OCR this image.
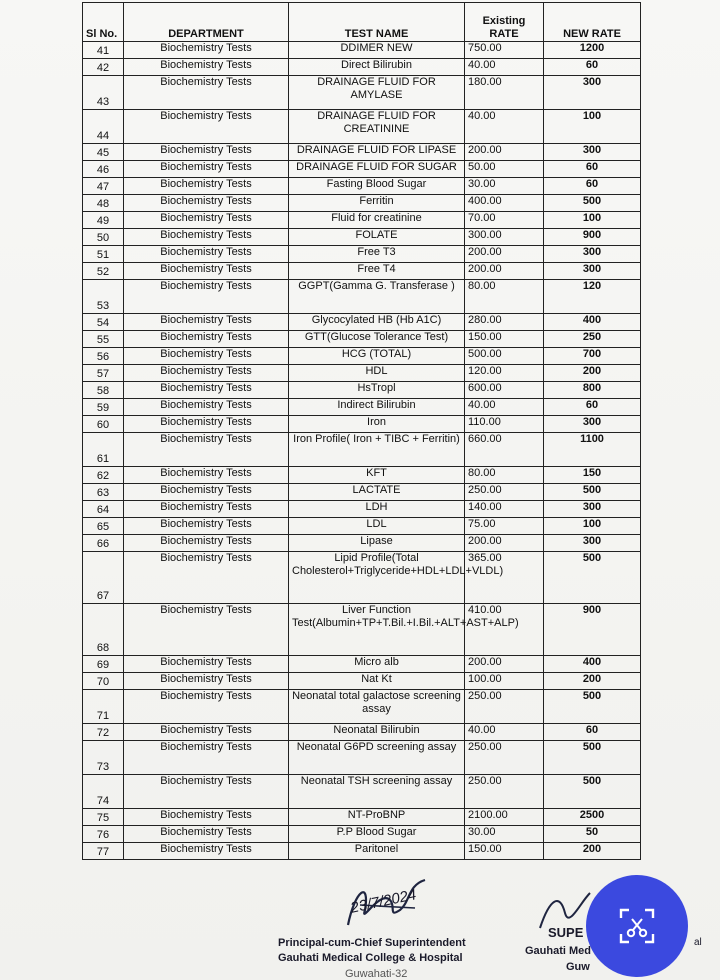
Sl No.	DEPARTMENT	TEST NAME	Existing RATE	NEW RATE
41	Biochemistry Tests	DDIMER NEW	750.00	1200
42	Biochemistry Tests	Direct Bilirubin	40.00	60
43	Biochemistry Tests	DRAINAGE FLUID FOR AMYLASE	180.00	300
44	Biochemistry Tests	DRAINAGE FLUID FOR CREATININE	40.00	100
45	Biochemistry Tests	DRAINAGE FLUID FOR LIPASE	200.00	300
46	Biochemistry Tests	DRAINAGE FLUID FOR SUGAR	50.00	60
47	Biochemistry Tests	Fasting Blood Sugar	30.00	60
48	Biochemistry Tests	Ferritin	400.00	500
49	Biochemistry Tests	Fluid for creatinine	70.00	100
50	Biochemistry Tests	FOLATE	300.00	900
51	Biochemistry Tests	Free T3	200.00	300
52	Biochemistry Tests	Free T4	200.00	300
53	Biochemistry Tests	GGPT(Gamma G. Transferase )	80.00	120
54	Biochemistry Tests	Glycocylated HB (Hb A1C)	280.00	400
55	Biochemistry Tests	GTT(Glucose Tolerance Test)	150.00	250
56	Biochemistry Tests	HCG (TOTAL)	500.00	700
57	Biochemistry Tests	HDL	120.00	200
58	Biochemistry Tests	HsTropl	600.00	800
59	Biochemistry Tests	Indirect Bilirubin	40.00	60
60	Biochemistry Tests	Iron	110.00	300
61	Biochemistry Tests	Iron Profile( Iron + TIBC + Ferritin)	660.00	1100
62	Biochemistry Tests	KFT	80.00	150
63	Biochemistry Tests	LACTATE	250.00	500
64	Biochemistry Tests	LDH	140.00	300
65	Biochemistry Tests	LDL	75.00	100
66	Biochemistry Tests	Lipase	200.00	300
67	Biochemistry Tests	Lipid Profile(Total Cholesterol+Triglyceride+HDL+LDL+VLDL)	365.00	500
68	Biochemistry Tests	Liver Function Test(Albumin+TP+T.Bil.+I.Bil.+ALT+AST+ALP)	410.00	900
69	Biochemistry Tests	Micro alb	200.00	400
70	Biochemistry Tests	Nat Kt	100.00	200
71	Biochemistry Tests	Neonatal total galactose screening assay	250.00	500
72	Biochemistry Tests	Neonatal Bilirubin	40.00	60
73	Biochemistry Tests	Neonatal G6PD screening assay	250.00	500
74	Biochemistry Tests	Neonatal TSH screening assay	250.00	500
75	Biochemistry Tests	NT-ProBNP	2100.00	2500
76	Biochemistry Tests	P.P Blood Sugar	30.00	50
77	Biochemistry Tests	Paritonel	150.00	200
23/7/2024
Principal-cum-Chief Superintendent
Gauhati Medical College & Hospital
Guwahati-32
SUPE
Gauhati Med
Guw
al
